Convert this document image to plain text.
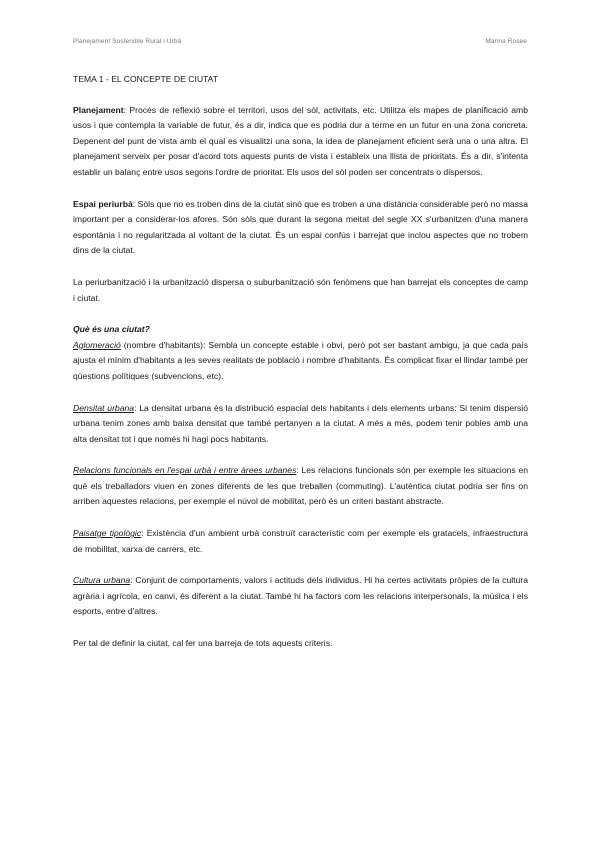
Planejament Sostenible Rural i Urbà	Marina Rosee
TEMA 1 - EL CONCEPTE DE CIUTAT

Planejament: Procés de reflexió sobre el territori, usos del sòl, activitats, etc. Utilitza els mapes de planificació amb usos i que contempla la variable de futur, és a dir, indica que es podria dur a terme en un futur en una zona concreta. Depenent del punt de vista amb el qual es visualitzi una sona, la idea de planejament eficient serà una o una altra. El planejament serveix per posar d'acord tots aquests punts de vista i estableix una llista de prioritats. És a dir, s'intenta establir un balanç entre usos segons l'ordre de prioritat. Els usos del sòl poden ser concentrats o dispersos.

Espai periurbà: Sòls que no es troben dins de la ciutat sinó que es troben a una distància considerable però no massa important per a considerar-los afores. Són sòls que durant la segona meitat del segle XX s'urbanitzen d'una manera espontània i no regularitzada al voltant de la ciutat. És un espai confús i barrejat que inclou aspectes que no trobem dins de la ciutat.

La periurbanització i la urbanització dispersa o suburbanització són fenòmens que han barrejat els conceptes de camp i ciutat.

Què és una ciutat?
Aglomeració (nombre d'habitants): Sembla un concepte estable i obvi, però pot ser bastant ambigu, ja que cada país ajusta el mínim d'habitants a les seves realitats de població i nombre d'habitants. És complicat fixar el llindar també per qüestions polítiques (subvencions, etc).

Densitat urbana: La densitat urbana és la distribució espacial dels habitants i dels elements urbans: Si tenim dispersió urbana tenim zones amb baixa densitat que també pertanyen a la ciutat. A més a més, podem tenir pobles amb una alta densitat tot i que només hi hagi pocs habitants.

Relacions funcionals en l'espai urbà i entre àrees urbanes: Les relacions funcionals són per exemple les situacions en què els treballadors viuen en zones diferents de les que treballen (commuting). L'autèntica ciutat podria ser fins on arriben aquestes relacions, per exemple el núvol de mobilitat, però és un criteri bastant abstracte.

Paisatge tipològic: Existència d'un ambient urbà construït característic com per exemple els gratacels, infraestructura de mobilitat, xarxa de carrers, etc.

Cultura urbana: Conjunt de comportaments, valors i actituds dels individus. Hi ha certes activitats pròpies de la cultura agrària i agrícola, en canvi, és diferent a la ciutat. També hi ha factors com les relacions interpersonals, la música i els esports, entre d'altres.

Per tal de definir la ciutat, cal fer una barreja de tots aquests criteris.
